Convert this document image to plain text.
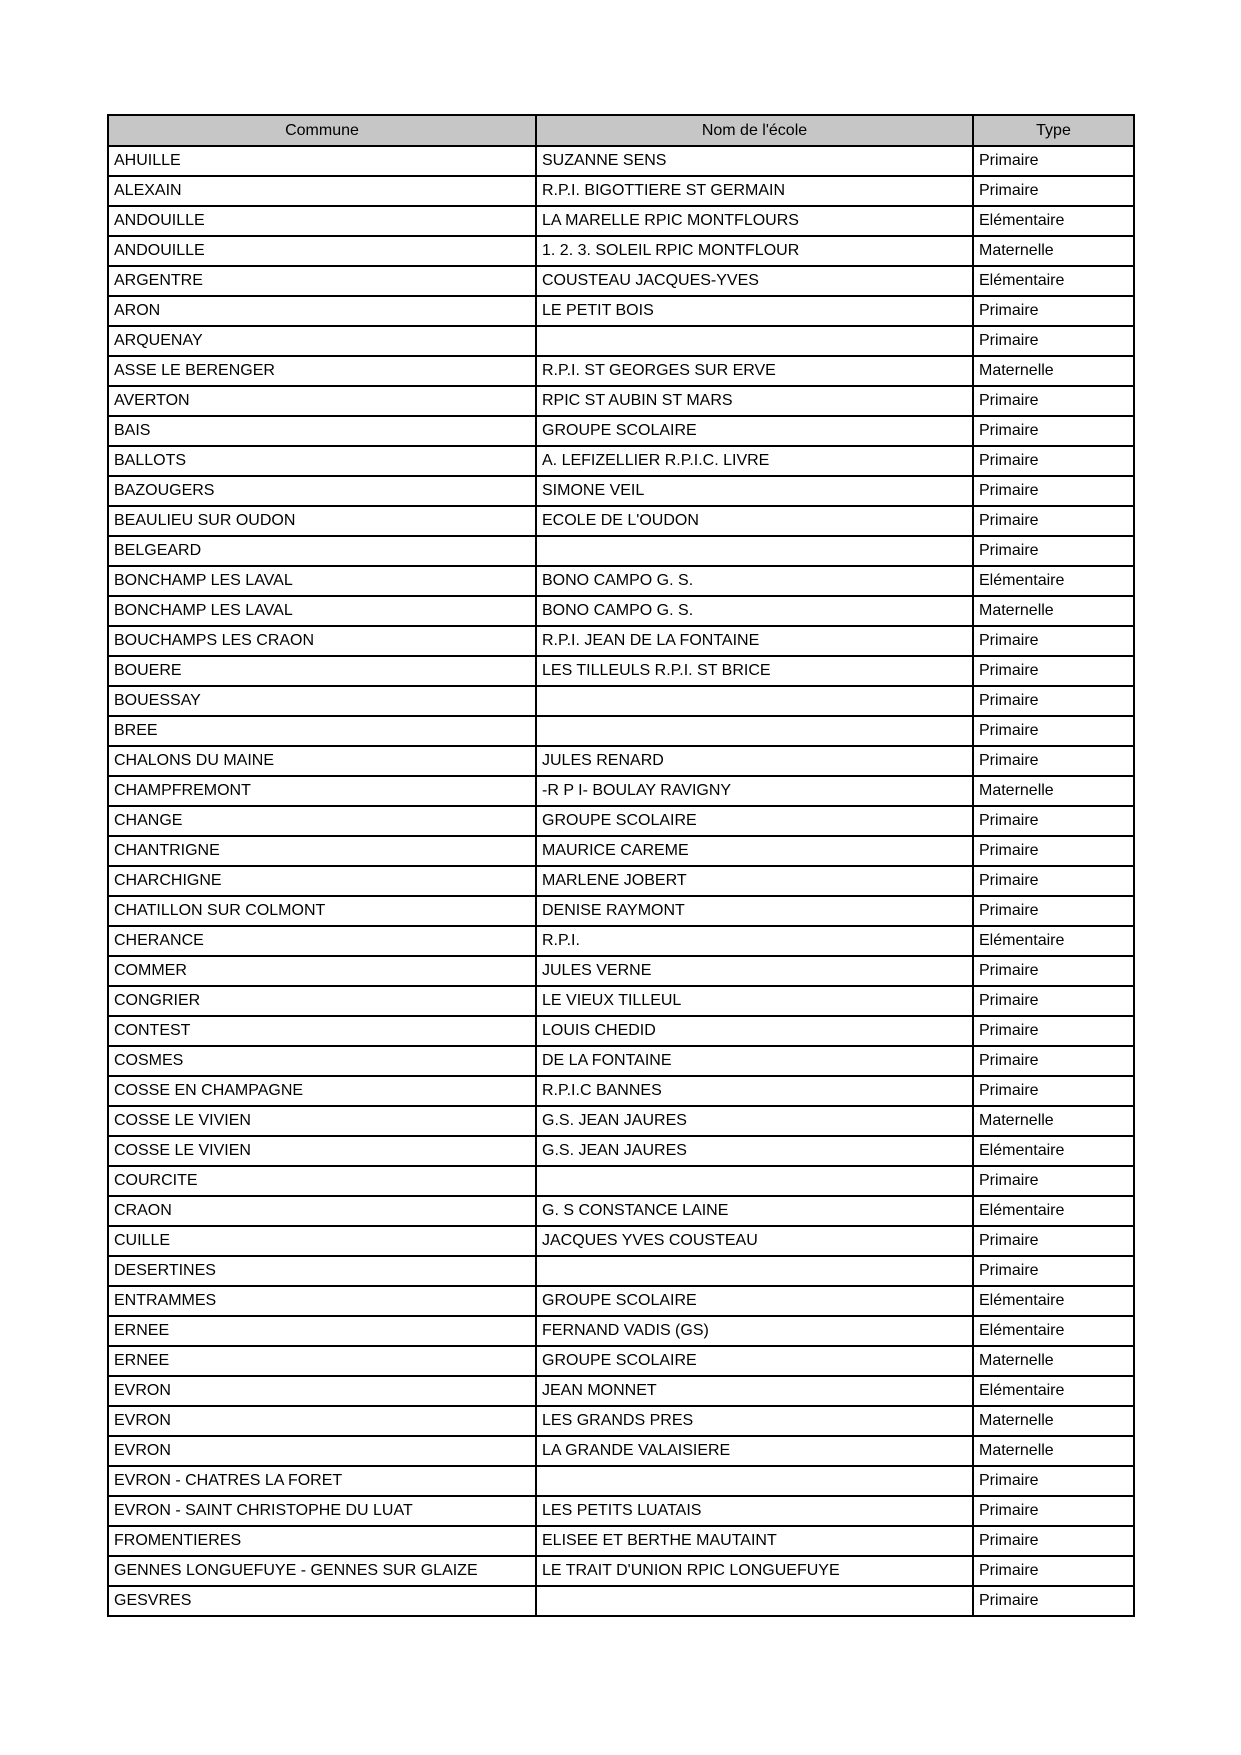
Commune	Nom de l'école	Type
AHUILLE	SUZANNE SENS	Primaire
ALEXAIN	R.P.I. BIGOTTIERE ST GERMAIN	Primaire
ANDOUILLE	LA MARELLE RPIC MONTFLOURS	Elémentaire
ANDOUILLE	1. 2. 3. SOLEIL RPIC MONTFLOUR	Maternelle
ARGENTRE	COUSTEAU JACQUES-YVES	Elémentaire
ARON	LE PETIT BOIS	Primaire
ARQUENAY		Primaire
ASSE LE BERENGER	R.P.I. ST GEORGES SUR ERVE	Maternelle
AVERTON	RPIC ST AUBIN ST MARS	Primaire
BAIS	GROUPE SCOLAIRE	Primaire
BALLOTS	A. LEFIZELLIER R.P.I.C. LIVRE	Primaire
BAZOUGERS	SIMONE VEIL	Primaire
BEAULIEU SUR OUDON	ECOLE DE L'OUDON	Primaire
BELGEARD		Primaire
BONCHAMP LES LAVAL	BONO CAMPO G. S.	Elémentaire
BONCHAMP LES LAVAL	BONO CAMPO G. S.	Maternelle
BOUCHAMPS LES CRAON	R.P.I. JEAN DE LA FONTAINE	Primaire
BOUERE	LES TILLEULS R.P.I. ST BRICE	Primaire
BOUESSAY		Primaire
BREE		Primaire
CHALONS DU MAINE	JULES RENARD	Primaire
CHAMPFREMONT	-R P I- BOULAY RAVIGNY	Maternelle
CHANGE	GROUPE SCOLAIRE	Primaire
CHANTRIGNE	MAURICE CAREME	Primaire
CHARCHIGNE	MARLENE JOBERT	Primaire
CHATILLON SUR COLMONT	DENISE RAYMONT	Primaire
CHERANCE	R.P.I.	Elémentaire
COMMER	JULES VERNE	Primaire
CONGRIER	LE VIEUX TILLEUL	Primaire
CONTEST	LOUIS CHEDID	Primaire
COSMES	DE LA FONTAINE	Primaire
COSSE EN CHAMPAGNE	R.P.I.C BANNES	Primaire
COSSE LE VIVIEN	G.S. JEAN JAURES	Maternelle
COSSE LE VIVIEN	G.S. JEAN JAURES	Elémentaire
COURCITE		Primaire
CRAON	G. S CONSTANCE LAINE	Elémentaire
CUILLE	JACQUES YVES COUSTEAU	Primaire
DESERTINES		Primaire
ENTRAMMES	GROUPE SCOLAIRE	Elémentaire
ERNEE	FERNAND VADIS (GS)	Elémentaire
ERNEE	GROUPE SCOLAIRE	Maternelle
EVRON	JEAN MONNET	Elémentaire
EVRON	LES GRANDS PRES	Maternelle
EVRON	LA GRANDE VALAISIERE	Maternelle
EVRON - CHATRES LA FORET		Primaire
EVRON - SAINT CHRISTOPHE DU LUAT	LES PETITS LUATAIS	Primaire
FROMENTIERES	ELISEE ET BERTHE MAUTAINT	Primaire
GENNES LONGUEFUYE - GENNES SUR GLAIZE	LE TRAIT D'UNION RPIC LONGUEFUYE	Primaire
GESVRES		Primaire
